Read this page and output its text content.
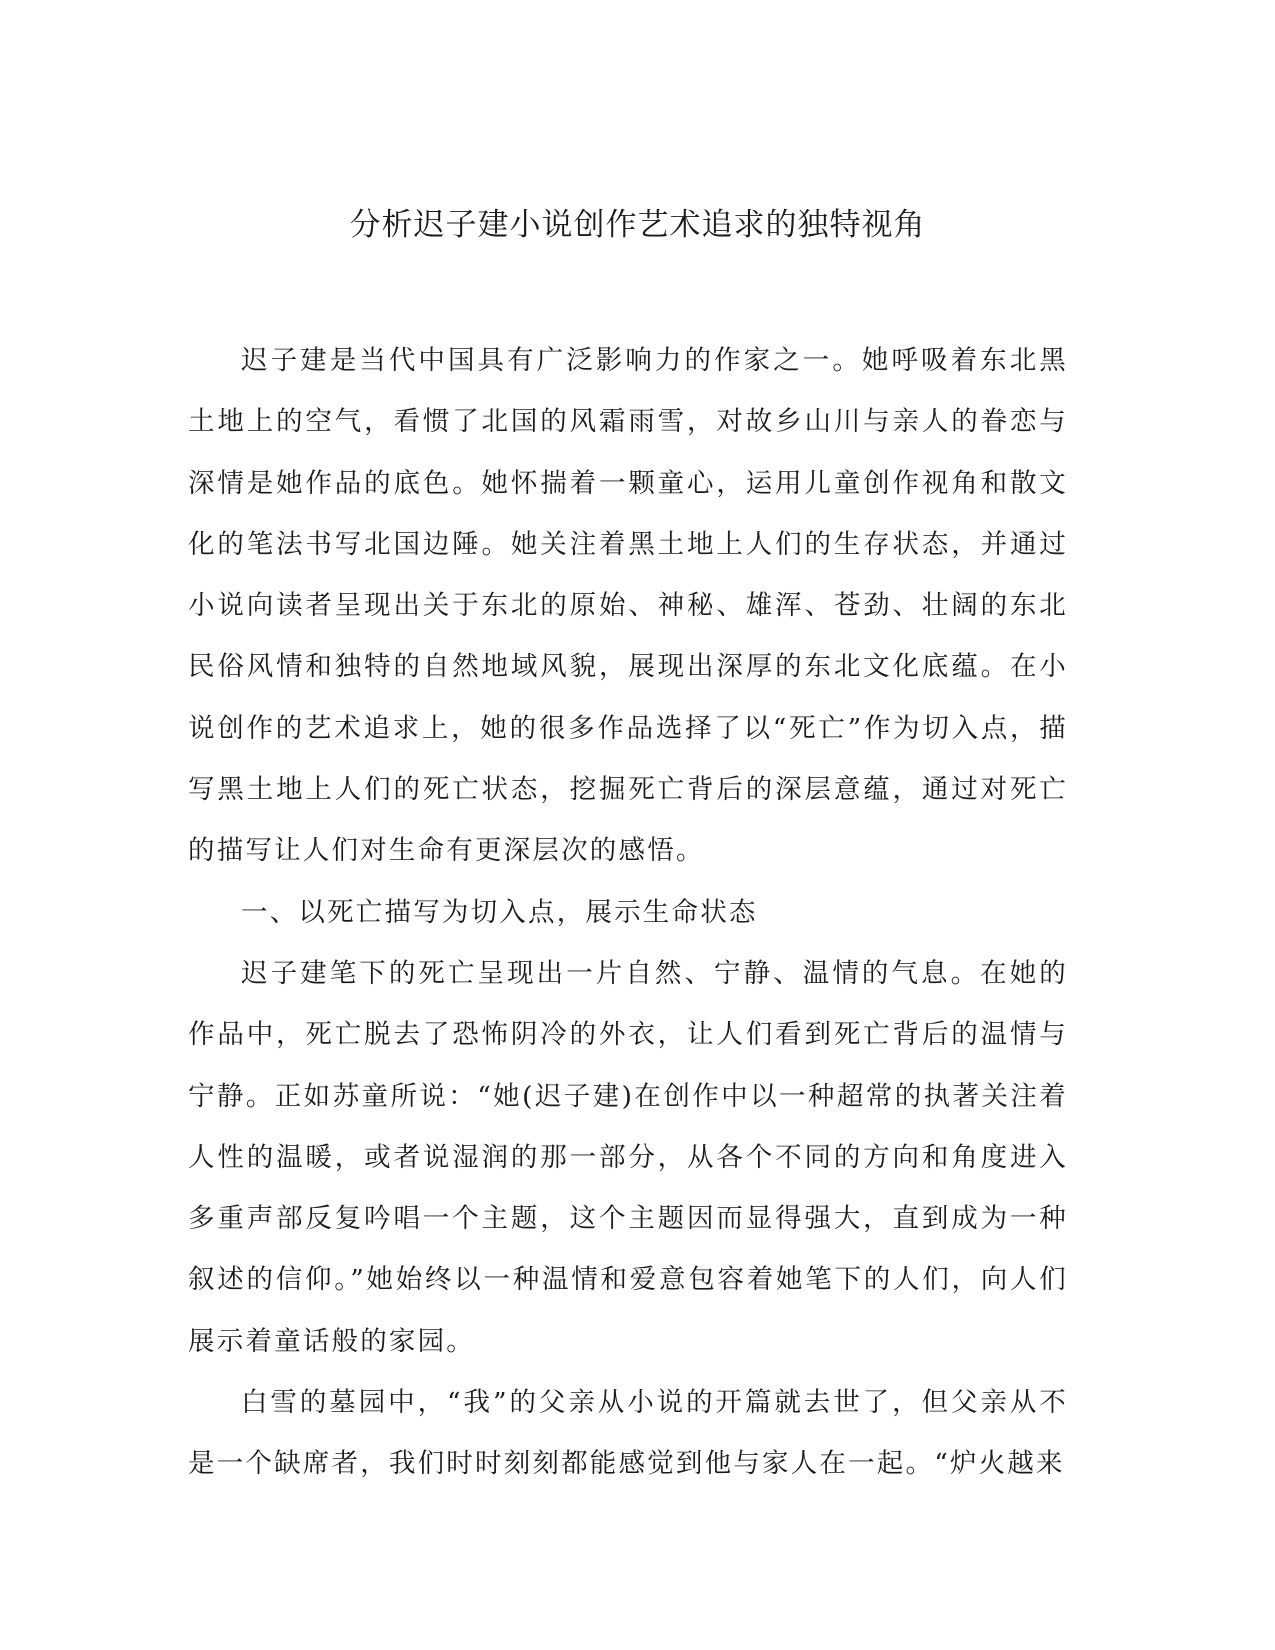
分析迟子建小说创作艺术追求的独特视角

迟子建是当代中国具有广泛影响力的作家之一。她呼吸着东北黑土地上的空气，看惯了北国的风霜雨雪，对故乡山川与亲人的眷恋与深情是她作品的底色。她怀揣着一颗童心，运用儿童创作视角和散文化的笔法书写北国边陲。她关注着黑土地上人们的生存状态，并通过小说向读者呈现出关于东北的原始、神秘、雄浑、苍劲、壮阔的东北民俗风情和独特的自然地域风貌，展现出深厚的东北文化底蕴。在小说创作的艺术追求上，她的很多作品选择了以“死亡”作为切入点，描写黑土地上人们的死亡状态，挖掘死亡背后的深层意蕴，通过对死亡的描写让人们对生命有更深层次的感悟。

一、以死亡描写为切入点，展示生命状态

迟子建笔下的死亡呈现出一片自然、宁静、温情的气息。在她的作品中，死亡脱去了恐怖阴冷的外衣，让人们看到死亡背后的温情与宁静。正如苏童所说：“她(迟子建)在创作中以一种超常的执著关注着人性的温暖，或者说湿润的那一部分，从各个不同的方向和角度进入多重声部反复吟唱一个主题，这个主题因而显得强大，直到成为一种叙述的信仰。”她始终以一种温情和爱意包容着她笔下的人们，向人们展示着童话般的家园。

白雪的墓园中，“我”的父亲从小说的开篇就去世了，但父亲从不是一个缺席者，我们时时刻刻都能感觉到他与家人在一起。“炉火越来
